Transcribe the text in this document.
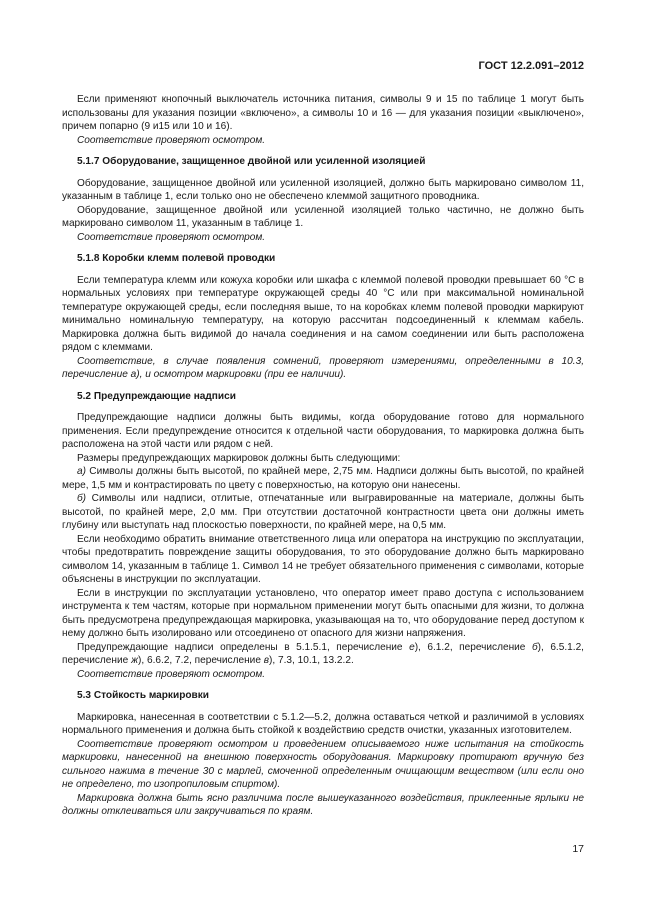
ГОСТ 12.2.091–2012

Если применяют кнопочный выключатель источника питания, символы 9 и 15 по таблице 1 могут быть использованы для указания позиции «включено», а символы 10 и 16 — для указания позиции «выключено», причем попарно (9 и15 или 10 и 16).

Соответствие проверяют осмотром.

5.1.7 Оборудование, защищенное двойной или усиленной изоляцией

Оборудование, защищенное двойной или усиленной изоляцией, должно быть маркировано символом 11, указанным в таблице 1, если только оно не обеспечено клеммой защитного проводника.

Оборудование, защищенное двойной или усиленной изоляцией только частично, не должно быть маркировано символом 11, указанным в таблице 1.

Соответствие проверяют осмотром.

5.1.8 Коробки клемм полевой проводки

Если температура клемм или кожуха коробки или шкафа с клеммой полевой проводки превышает 60 °С в нормальных условиях при температуре окружающей среды 40 °С или при максимальной номинальной температуре окружающей среды, если последняя выше, то на коробках клемм полевой проводки маркируют минимально номинальную температуру, на которую рассчитан подсоединенный к клеммам кабель. Маркировка должна быть видимой до начала соединения и на самом соединении или быть расположена рядом с клеммами.

Соответствие, в случае появления сомнений, проверяют измерениями, определенными в 10.3, перечисление а), и осмотром маркировки (при ее наличии).

5.2 Предупреждающие надписи

Предупреждающие надписи должны быть видимы, когда оборудование готово для нормального применения. Если предупреждение относится к отдельной части оборудования, то маркировка должна быть расположена на этой части или рядом с ней.

Размеры предупреждающих маркировок должны быть следующими:

а) Символы должны быть высотой, по крайней мере, 2,75 мм. Надписи должны быть высотой, по крайней мере, 1,5 мм и контрастировать по цвету с поверхностью, на которую они нанесены.

б) Символы или надписи, отлитые, отпечатанные или выгравированные на материале, должны быть высотой, по крайней мере, 2,0 мм. При отсутствии достаточной контрастности цвета они должны иметь глубину или выступать над плоскостью поверхности, по крайней мере, на 0,5 мм.

Если необходимо обратить внимание ответственного лица или оператора на инструкцию по эксплуатации, чтобы предотвратить повреждение защиты оборудования, то это оборудование должно быть маркировано символом 14, указанным в таблице 1. Символ 14 не требует обязательного применения с символами, которые объяснены в инструкции по эксплуатации.

Если в инструкции по эксплуатации установлено, что оператор имеет право доступа с использованием инструмента к тем частям, которые при нормальном применении могут быть опасными для жизни, то должна быть предусмотрена предупреждающая маркировка, указывающая на то, что оборудование перед доступом к нему должно быть изолировано или отсоединено от опасного для жизни напряжения.

Предупреждающие надписи определены в 5.1.5.1, перечисление е), 6.1.2, перечисление б), 6.5.1.2, перечисление ж), 6.6.2, 7.2, перечисление в), 7.3, 10.1, 13.2.2.

Соответствие проверяют осмотром.

5.3 Стойкость маркировки

Маркировка, нанесенная в соответствии с 5.1.2—5.2, должна оставаться четкой и различимой в условиях нормального применения и должна быть стойкой к воздействию средств очистки, указанных изготовителем.

Соответствие проверяют осмотром и проведением описываемого ниже испытания на стойкость маркировки, нанесенной на внешнюю поверхность оборудования. Маркировку протирают вручную без сильного нажима в течение 30 с марлей, смоченной определенным очищающим веществом (или если оно не определено, то изопропиловым спиртом).

Маркировка должна быть ясно различима после вышеуказанного воздействия, приклеенные ярлыки не должны отклеиваться или закручиваться по краям.

17
